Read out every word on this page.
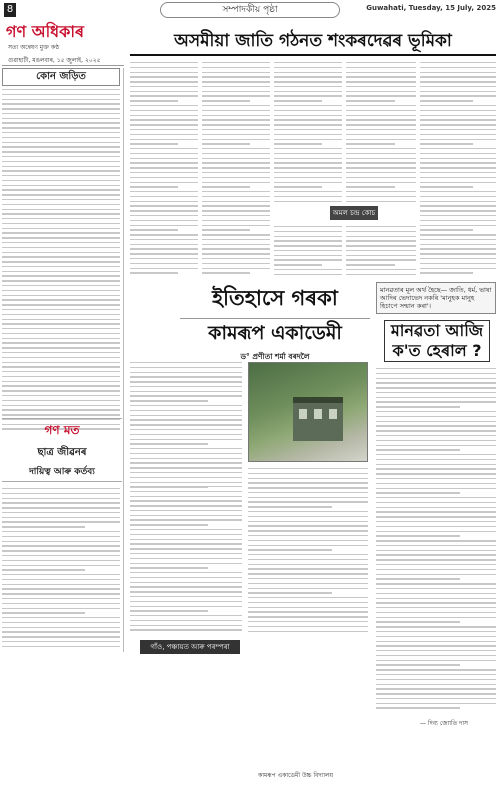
8	সম্পাদকীয় পৃষ্ঠা	Guwahati, Tuesday, 15 July, 2025
গণ অধিকাৰ
সত্য অন্বেষণ মুক্ত কণ্ঠ
গুৱাহাটী, মঙলবাৰ, ১৫ জুলাই, ২০২৫
অসমীয়া জাতি গঠনত শংকৰদেৱৰ ভূমিকা
কোন জড়িত
গণ মত
ছাত্ৰ জীৱনৰ
দায়িত্ব আৰু কৰ্তব্য
অমল চন্দ্ৰ কোচ
ইতিহাসে গৰকা
কামৰূপ একাডেমী
ড° প্ৰণীতা শৰ্মা বৰদলৈ
মানৱতাৰ মূল অৰ্থ হৈছে— জাতি, ধৰ্ম, ভাষা আদিৰ ভেদাভেদ নকৰি 'মানুহক মানুহ হিচাপে সন্মান কৰা'।
মানৱতা আজি ক'ত হেৰাল ?
গাঁও, পঞ্চায়ত আৰু পৰম্পৰা
কামৰূপ একাডেমী উচ্চ বিদ্যালয়
— দিব্য জ্যোতি দাস
